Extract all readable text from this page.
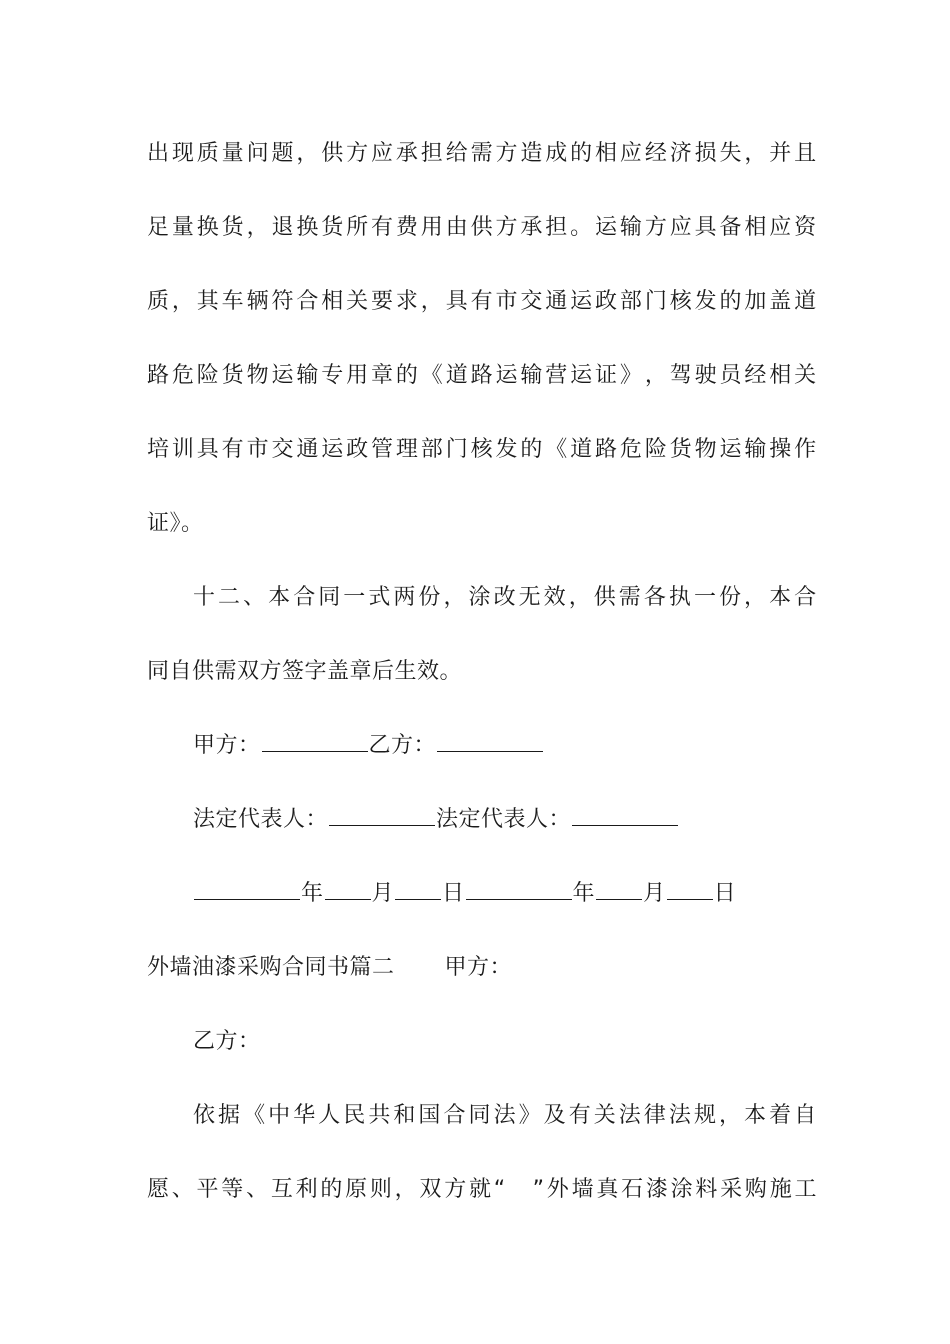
出 现 质 量 问 题 ， 供 方 应 承 担 给 需 方 造 成 的 相 应 经 济 损 失 ， 并 且
足 量 换 货 ， 退 换 货 所 有 费 用 由 供 方 承 担 。 运 输 方 应 具 备 相 应 资
质 ， 其 车 辆 符 合 相 关 要 求 ， 具 有 市 交 通 运 政 部 门 核 发 的 加 盖 道
路 危 险 货 物 运 输 专 用 章 的 《 道 路 运 输 营 运 证 》 ， 驾 驶 员 经 相 关
培 训 具 有 市 交 通 运 政 管 理 部 门 核 发 的 《 道 路 危 险 货 物 运 输 操 作
证》。
十 二 、 本 合 同 一 式 两 份 ， 涂 改 无 效 ， 供 需 各 执 一 份 ， 本 合
同自供需双方签字盖章后生效。
甲方：	乙方：
法定代表人：	法定代表人：
年 月 日	年 月 日
外墙油漆采购合同书篇二 甲方：
乙方：
依 据 《 中 华 人 民 共 和 国 合 同 法 》 及 有 关 法 律 法 规 ， 本 着 自
愿 、 平 等 、 互 利 的 原 则 ， 双 方 就 “
　 ” 外 墙 真 石 漆 涂 料 采 购 施 工
